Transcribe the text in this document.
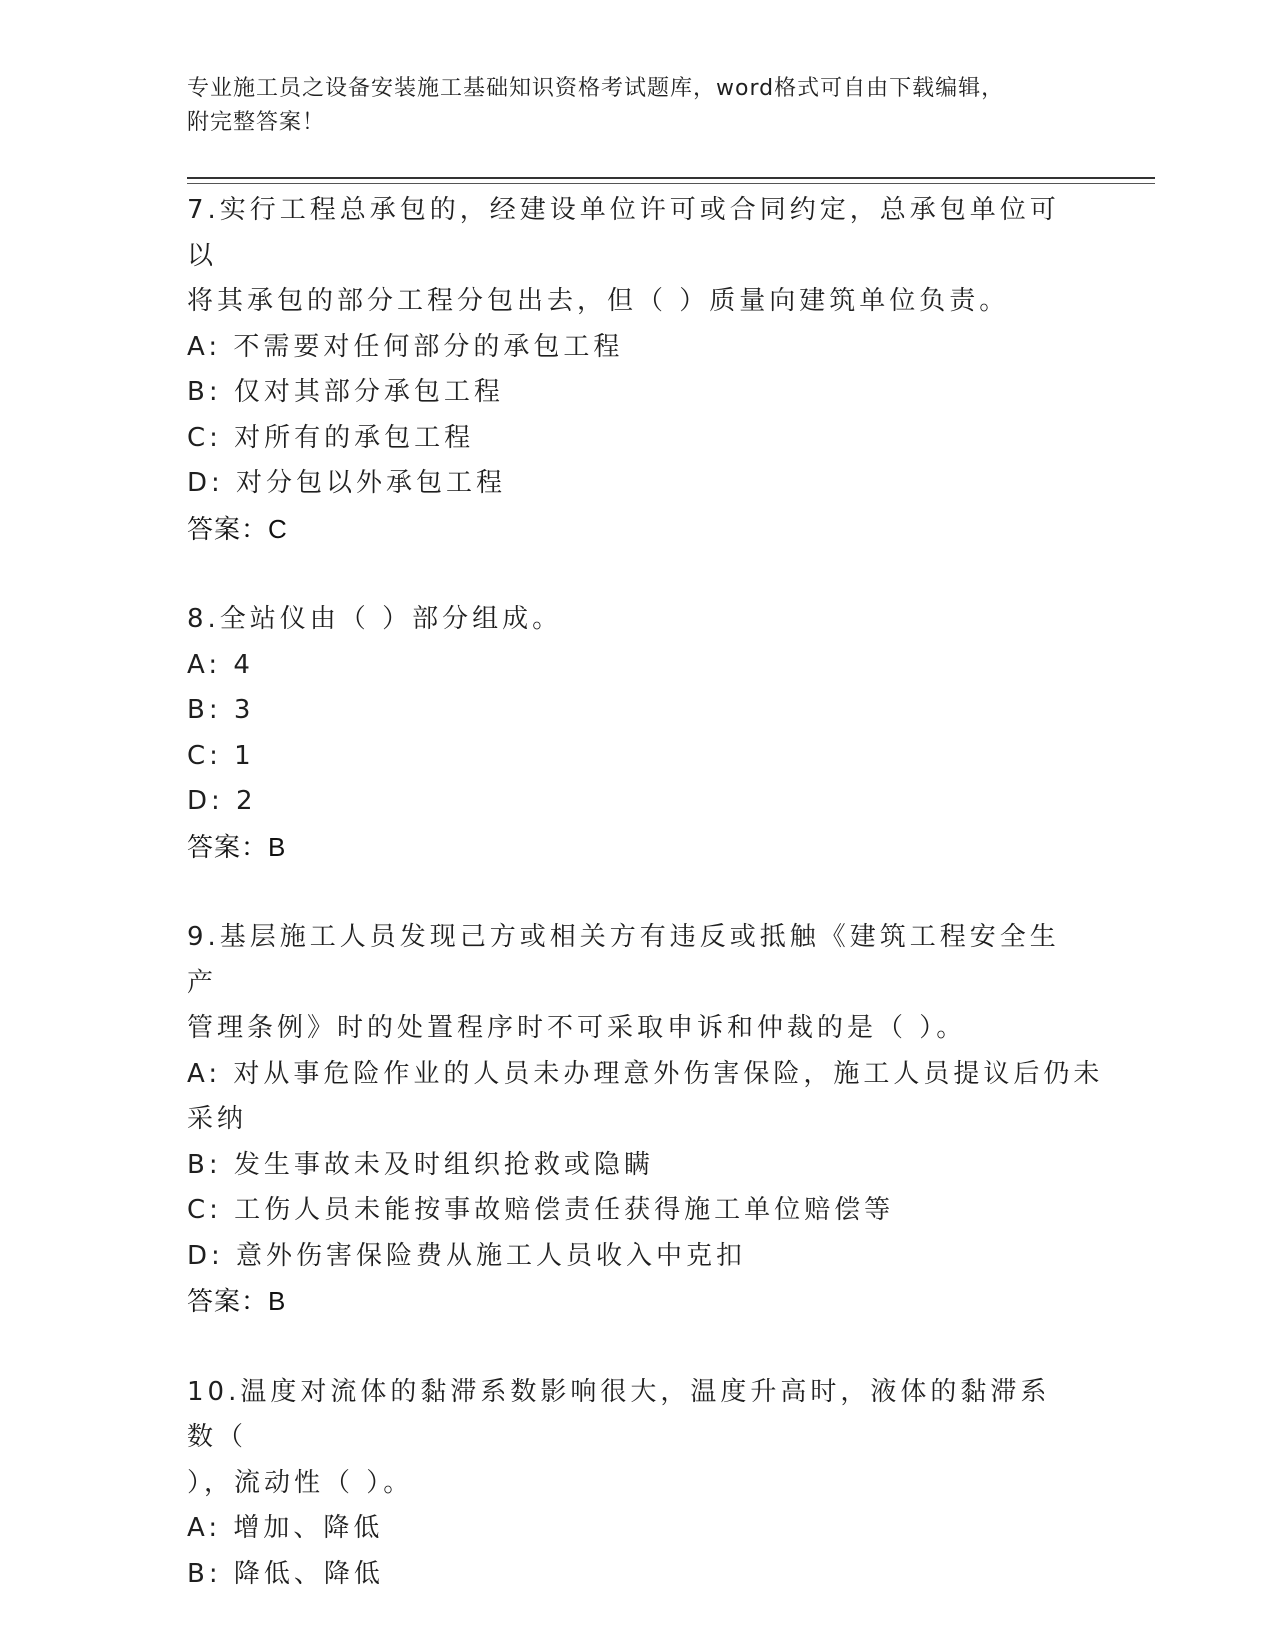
专业施工员之设备安装施工基础知识资格考试题库，word格式可自由下载编辑，
附完整答案！
7.实行工程总承包的，经建设单位许可或合同约定，总承包单位可以
将其承包的部分工程分包出去，但（ ）质量向建筑单位负责。
A: 不需要对任何部分的承包工程
B: 仅对其部分承包工程
C: 对所有的承包工程
D: 对分包以外承包工程
答案：C
8.全站仪由（ ）部分组成。
A: 4
B: 3
C: 1
D: 2
答案：B
9.基层施工人员发现己方或相关方有违反或抵触《建筑工程安全生产
管理条例》时的处置程序时不可采取申诉和仲裁的是（ ）。
A: 对从事危险作业的人员未办理意外伤害保险，施工人员提议后仍未
采纳
B: 发生事故未及时组织抢救或隐瞒
C: 工伤人员未能按事故赔偿责任获得施工单位赔偿等
D: 意外伤害保险费从施工人员收入中克扣
答案：B
10.温度对流体的黏滞系数影响很大，温度升高时，液体的黏滞系数（
），流动性（ ）。
A: 增加、降低
B: 降低、降低
